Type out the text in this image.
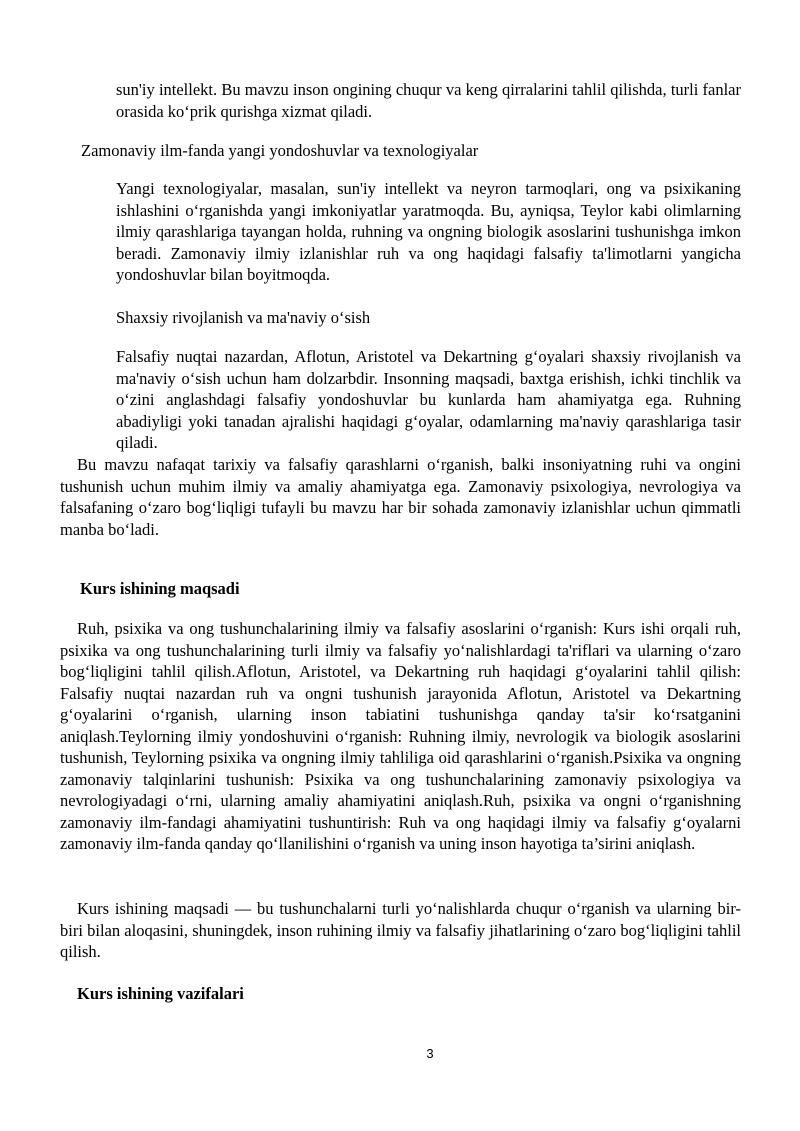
sun'iy intellekt. Bu mavzu inson ongining chuqur va keng qirralarini tahlil qilishda, turli fanlar orasida ko‘prik qurishga xizmat qiladi.

Zamonaviy ilm-fanda yangi yondoshuvlar va texnologiyalar

Yangi texnologiyalar, masalan, sun'iy intellekt va neyron tarmoqlari, ong va psixikaning ishlashini o‘rganishda yangi imkoniyatlar yaratmoqda. Bu, ayniqsa, Teylor kabi olimlarning ilmiy qarashlariga tayangan holda, ruhning va ongning biologik asoslarini tushunishga imkon beradi. Zamonaviy ilmiy izlanishlar ruh va ong haqidagi falsafiy ta'limotlarni yangicha yondoshuvlar bilan boyitmoqda.

Shaxsiy rivojlanish va ma'naviy o‘sish

Falsafiy nuqtai nazardan, Aflotun, Aristotel va Dekartning g‘oyalari shaxsiy rivojlanish va ma'naviy o‘sish uchun ham dolzarbdir. Insonning maqsadi, baxtga erishish, ichki tinchlik va o‘zini anglashdagi falsafiy yondoshuvlar bu kunlarda ham ahamiyatga ega. Ruhning abadiyligi yoki tanadan ajralishi haqidagi g‘oyalar, odamlarning ma'naviy qarashlariga tasir qiladi.

Bu mavzu nafaqat tarixiy va falsafiy qarashlarni o‘rganish, balki insoniyatning ruhi va ongini tushunish uchun muhim ilmiy va amaliy ahamiyatga ega. Zamonaviy psixologiya, nevrologiya va falsafaning o‘zaro bog‘liqligi tufayli bu mavzu har bir sohada zamonaviy izlanishlar uchun qimmatli manba bo‘ladi.

Kurs ishining maqsadi

Ruh, psixika va ong tushunchalarining ilmiy va falsafiy asoslarini o‘rganish: Kurs ishi orqali ruh, psixika va ong tushunchalarining turli ilmiy va falsafiy yo‘nalishlardagi ta'riflari va ularning o‘zaro bog‘liqligini tahlil qilish.Aflotun, Aristotel, va Dekartning ruh haqidagi g‘oyalarini tahlil qilish: Falsafiy nuqtai nazardan ruh va ongni tushunish jarayonida Aflotun, Aristotel va Dekartning g‘oyalarini o‘rganish, ularning inson tabiatini tushunishga qanday ta'sir ko‘rsatganini aniqlash.Teylorning ilmiy yondoshuvini o‘rganish: Ruhning ilmiy, nevrologik va biologik asoslarini tushunish, Teylorning psixika va ongning ilmiy tahliliga oid qarashlarini o‘rganish.Psixika va ongning zamonaviy talqinlarini tushunish: Psixika va ong tushunchalarining zamonaviy psixologiya va nevrologiyadagi o‘rni, ularning amaliy ahamiyatini aniqlash.Ruh, psixika va ongni o‘rganishning zamonaviy ilm-fandagi ahamiyatini tushuntirish: Ruh va ong haqidagi ilmiy va falsafiy g‘oyalarni zamonaviy ilm-fanda qanday qo‘llanilishini o‘rganish va uning inson hayotiga ta’sirini aniqlash.

Kurs ishining maqsadi — bu tushunchalarni turli yo‘nalishlarda chuqur o‘rganish va ularning bir-biri bilan aloqasini, shuningdek, inson ruhining ilmiy va falsafiy jihatlarining o‘zaro bog‘liqligini tahlil qilish.

Kurs ishining vazifalari

3
